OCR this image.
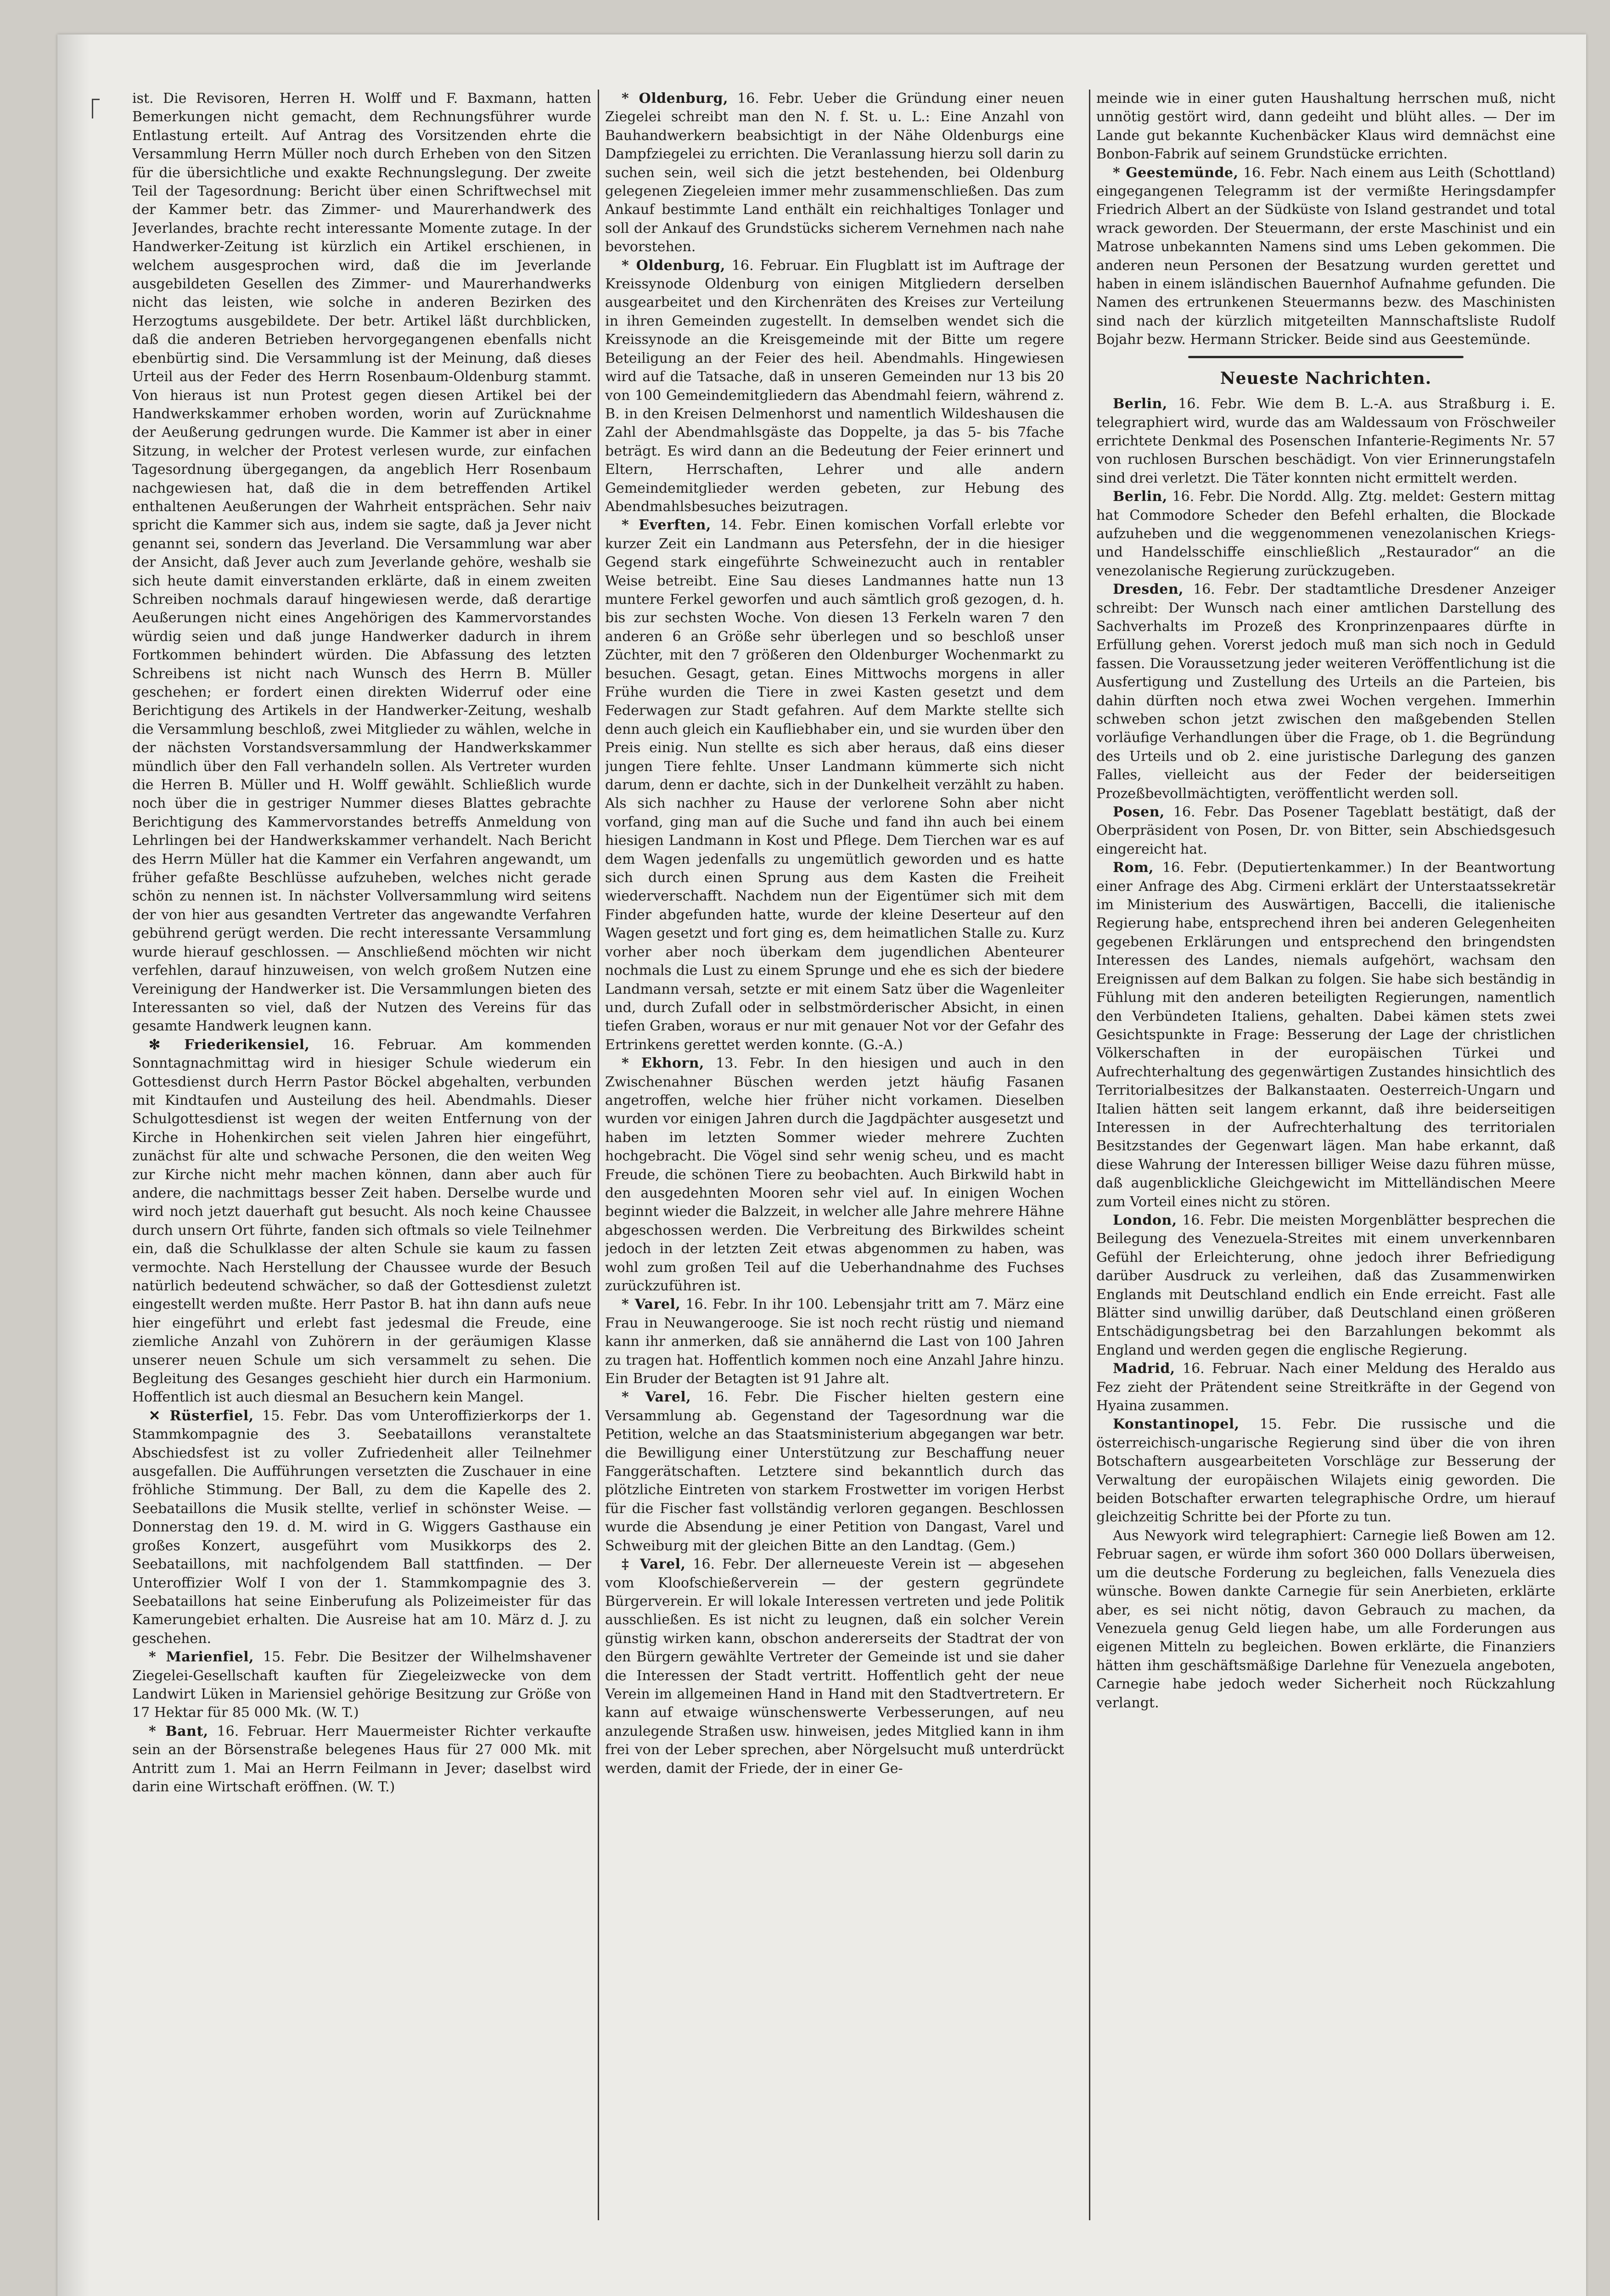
ist. Die Revisoren, Herren H. Wolff und F. Baxmann, hatten Bemerkungen nicht gemacht, dem Rechnungsführer wurde Entlastung erteilt. Auf Antrag des Vorsitzenden ehrte die Versammlung Herrn Müller noch durch Erheben von den Sitzen für die übersichtliche und exakte Rechnungslegung. Der zweite Teil der Tagesordnung: Bericht über einen Schriftwechsel mit der Kammer betr. das Zimmer- und Maurerhandwerk des Jeverlandes, brachte recht interessante Momente zutage. In der Handwerker-Zeitung ist kürzlich ein Artikel erschienen, in welchem ausgesprochen wird, daß die im Jeverlande ausgebildeten Gesellen des Zimmer- und Maurerhandwerks nicht das leisten, wie solche in anderen Bezirken des Herzogtums ausgebildete. Der betr. Artikel läßt durchblicken, daß die anderen Betrieben hervorgegangenen ebenfalls nicht ebenbürtig sind. Die Versammlung ist der Meinung, daß dieses Urteil aus der Feder des Herrn Rosenbaum-Oldenburg stammt. Von hieraus ist nun Protest gegen diesen Artikel bei der Handwerkskammer erhoben worden, worin auf Zurücknahme der Aeußerung gedrungen wurde. Die Kammer ist aber in einer Sitzung, in welcher der Protest verlesen wurde, zur einfachen Tagesordnung übergegangen, da angeblich Herr Rosenbaum nachgewiesen hat, daß die in dem betreffenden Artikel enthaltenen Aeußerungen der Wahrheit entsprächen. Sehr naiv spricht die Kammer sich aus, indem sie sagte, daß ja Jever nicht genannt sei, sondern das Jeverland. Die Versammlung war aber der Ansicht, daß Jever auch zum Jeverlande gehöre, weshalb sie sich heute damit einverstanden erklärte, daß in einem zweiten Schreiben nochmals darauf hingewiesen werde, daß derartige Aeußerungen nicht eines Angehörigen des Kammervorstandes würdig seien und daß junge Handwerker dadurch in ihrem Fortkommen behindert würden. Die Abfassung des letzten Schreibens ist nicht nach Wunsch des Herrn B. Müller geschehen; er fordert einen direkten Widerruf oder eine Berichtigung des Artikels in der Handwerker-Zeitung, weshalb die Versammlung beschloß, zwei Mitglieder zu wählen, welche in der nächsten Vorstandsversammlung der Handwerkskammer mündlich über den Fall verhandeln sollen. Als Vertreter wurden die Herren B. Müller und H. Wolff gewählt. Schließlich wurde noch über die in gestriger Nummer dieses Blattes gebrachte Berichtigung des Kammervorstandes betreffs Anmeldung von Lehrlingen bei der Handwerkskammer verhandelt. Nach Bericht des Herrn Müller hat die Kammer ein Verfahren angewandt, um früher gefaßte Beschlüsse aufzuheben, welches nicht gerade schön zu nennen ist. In nächster Vollversammlung wird seitens der von hier aus gesandten Vertreter das angewandte Verfahren gebührend gerügt werden. Die recht interessante Versammlung wurde hierauf geschlossen. — Anschließend möchten wir nicht verfehlen, darauf hinzuweisen, von welch großem Nutzen eine Vereinigung der Handwerker ist. Die Versammlungen bieten des Interessanten so viel, daß der Nutzen des Vereins für das gesamte Handwerk leugnen kann.

✻ Friederikensiel, 16. Februar. Am kommenden Sonntagnachmittag wird in hiesiger Schule wiederum ein Gottesdienst durch Herrn Pastor Böckel abgehalten, verbunden mit Kindtaufen und Austeilung des heil. Abendmahls. Dieser Schulgottesdienst ist wegen der weiten Entfernung von der Kirche in Hohenkirchen seit vielen Jahren hier eingeführt, zunächst für alte und schwache Personen, die den weiten Weg zur Kirche nicht mehr machen können, dann aber auch für andere, die nachmittags besser Zeit haben. Derselbe wurde und wird noch jetzt dauerhaft gut besucht. Als noch keine Chaussee durch unsern Ort führte, fanden sich oftmals so viele Teilnehmer ein, daß die Schulklasse der alten Schule sie kaum zu fassen vermochte. Nach Herstellung der Chaussee wurde der Besuch natürlich bedeutend schwächer, so daß der Gottesdienst zuletzt eingestellt werden mußte. Herr Pastor B. hat ihn dann aufs neue hier eingeführt und erlebt fast jedesmal die Freude, eine ziemliche Anzahl von Zuhörern in der geräumigen Klasse unserer neuen Schule um sich versammelt zu sehen. Die Begleitung des Gesanges geschieht hier durch ein Harmonium. Hoffentlich ist auch diesmal an Besuchern kein Mangel.

✕ Rüsterfiel, 15. Febr. Das vom Unteroffizierkorps der 1. Stammkompagnie des 3. Seebataillons veranstaltete Abschiedsfest ist zu voller Zufriedenheit aller Teilnehmer ausgefallen. Die Aufführungen versetzten die Zuschauer in eine fröhliche Stimmung. Der Ball, zu dem die Kapelle des 2. Seebataillons die Musik stellte, verlief in schönster Weise. — Donnerstag den 19. d. M. wird in G. Wiggers Gasthause ein großes Konzert, ausgeführt vom Musikkorps des 2. Seebataillons, mit nachfolgendem Ball stattfinden. — Der Unteroffizier Wolf I von der 1. Stammkompagnie des 3. Seebataillons hat seine Einberufung als Polizeimeister für das Kamerungebiet erhalten. Die Ausreise hat am 10. März d. J. zu geschehen.

* Marienfiel, 15. Febr. Die Besitzer der Wilhelmshavener Ziegelei-Gesellschaft kauften für Ziegeleizwecke von dem Landwirt Lüken in Mariensiel gehörige Besitzung zur Größe von 17 Hektar für 85 000 Mk. (W. T.)

* Bant, 16. Februar. Herr Mauermeister Richter verkaufte sein an der Börsenstraße belegenes Haus für 27 000 Mk. mit Antritt zum 1. Mai an Herrn Feilmann in Jever; daselbst wird darin eine Wirtschaft eröffnen. (W. T.)

* Oldenburg, 16. Febr. Ueber die Gründung einer neuen Ziegelei schreibt man den N. f. St. u. L.: Eine Anzahl von Bauhandwerkern beabsichtigt in der Nähe Oldenburgs eine Dampfziegelei zu errichten. Die Veranlassung hierzu soll darin zu suchen sein, weil sich die jetzt bestehenden, bei Oldenburg gelegenen Ziegeleien immer mehr zusammenschließen. Das zum Ankauf bestimmte Land enthält ein reichhaltiges Tonlager und soll der Ankauf des Grundstücks sicherem Vernehmen nach nahe bevorstehen.

* Oldenburg, 16. Februar. Ein Flugblatt ist im Auftrage der Kreissynode Oldenburg von einigen Mitgliedern derselben ausgearbeitet und den Kirchenräten des Kreises zur Verteilung in ihren Gemeinden zugestellt. In demselben wendet sich die Kreissynode an die Kreisgemeinde mit der Bitte um regere Beteiligung an der Feier des heil. Abendmahls. Hingewiesen wird auf die Tatsache, daß in unseren Gemeinden nur 13 bis 20 von 100 Gemeindemitgliedern das Abendmahl feiern, während z. B. in den Kreisen Delmenhorst und namentlich Wildeshausen die Zahl der Abendmahlsgäste das Doppelte, ja das 5- bis 7fache beträgt. Es wird dann an die Bedeutung der Feier erinnert und Eltern, Herrschaften, Lehrer und alle andern Gemeindemitglieder werden gebeten, zur Hebung des Abendmahlsbesuches beizutragen.

* Everften, 14. Febr. Einen komischen Vorfall erlebte vor kurzer Zeit ein Landmann aus Petersfehn, der in die hiesiger Gegend stark eingeführte Schweinezucht auch in rentabler Weise betreibt. Eine Sau dieses Landmannes hatte nun 13 muntere Ferkel geworfen und auch sämtlich groß gezogen, d. h. bis zur sechsten Woche. Von diesen 13 Ferkeln waren 7 den anderen 6 an Größe sehr überlegen und so beschloß unser Züchter, mit den 7 größeren den Oldenburger Wochenmarkt zu besuchen. Gesagt, getan. Eines Mittwochs morgens in aller Frühe wurden die Tiere in zwei Kasten gesetzt und dem Federwagen zur Stadt gefahren. Auf dem Markte stellte sich denn auch gleich ein Kaufliebhaber ein, und sie wurden über den Preis einig. Nun stellte es sich aber heraus, daß eins dieser jungen Tiere fehlte. Unser Landmann kümmerte sich nicht darum, denn er dachte, sich in der Dunkelheit verzählt zu haben. Als sich nachher zu Hause der verlorene Sohn aber nicht vorfand, ging man auf die Suche und fand ihn auch bei einem hiesigen Landmann in Kost und Pflege. Dem Tierchen war es auf dem Wagen jedenfalls zu ungemütlich geworden und es hatte sich durch einen Sprung aus dem Kasten die Freiheit wiederverschafft. Nachdem nun der Eigentümer sich mit dem Finder abgefunden hatte, wurde der kleine Deserteur auf den Wagen gesetzt und fort ging es, dem heimatlichen Stalle zu. Kurz vorher aber noch überkam dem jugendlichen Abenteurer nochmals die Lust zu einem Sprunge und ehe es sich der biedere Landmann versah, setzte er mit einem Satz über die Wagenleiter und, durch Zufall oder in selbstmörderischer Absicht, in einen tiefen Graben, woraus er nur mit genauer Not vor der Gefahr des Ertrinkens gerettet werden konnte. (G.-A.)

* Ekhorn, 13. Febr. In den hiesigen und auch in den Zwischenahner Büschen werden jetzt häufig Fasanen angetroffen, welche hier früher nicht vorkamen. Dieselben wurden vor einigen Jahren durch die Jagdpächter ausgesetzt und haben im letzten Sommer wieder mehrere Zuchten hochgebracht. Die Vögel sind sehr wenig scheu, und es macht Freude, die schönen Tiere zu beobachten. Auch Birkwild habt in den ausgedehnten Mooren sehr viel auf. In einigen Wochen beginnt wieder die Balzzeit, in welcher alle Jahre mehrere Hähne abgeschossen werden. Die Verbreitung des Birkwildes scheint jedoch in der letzten Zeit etwas abgenommen zu haben, was wohl zum großen Teil auf die Ueberhandnahme des Fuchses zurückzuführen ist.

* Varel, 16. Febr. In ihr 100. Lebensjahr tritt am 7. März eine Frau in Neuwangerooge. Sie ist noch recht rüstig und niemand kann ihr anmerken, daß sie annähernd die Last von 100 Jahren zu tragen hat. Hoffentlich kommen noch eine Anzahl Jahre hinzu. Ein Bruder der Betagten ist 91 Jahre alt.

* Varel, 16. Febr. Die Fischer hielten gestern eine Versammlung ab. Gegenstand der Tagesordnung war die Petition, welche an das Staatsministerium abgegangen war betr. die Bewilligung einer Unterstützung zur Beschaffung neuer Fanggerätschaften. Letztere sind bekanntlich durch das plötzliche Eintreten von starkem Frostwetter im vorigen Herbst für die Fischer fast vollständig verloren gegangen. Beschlossen wurde die Absendung je einer Petition von Dangast, Varel und Schweiburg mit der gleichen Bitte an den Landtag. (Gem.)

‡ Varel, 16. Febr. Der allerneueste Verein ist — abgesehen vom Kloofschießerverein — der gestern gegründete Bürgerverein. Er will lokale Interessen vertreten und jede Politik ausschließen. Es ist nicht zu leugnen, daß ein solcher Verein günstig wirken kann, obschon andererseits der Stadtrat der von den Bürgern gewählte Vertreter der Gemeinde ist und sie daher die Interessen der Stadt vertritt. Hoffentlich geht der neue Verein im allgemeinen Hand in Hand mit den Stadtvertretern. Er kann auf etwaige wünschenswerte Verbesserungen, auf neu anzulegende Straßen usw. hinweisen, jedes Mitglied kann in ihm frei von der Leber sprechen, aber Nörgelsucht muß unterdrückt werden, damit der Friede, der in einer Ge-

meinde wie in einer guten Haushaltung herrschen muß, nicht unnötig gestört wird, dann gedeiht und blüht alles. — Der im Lande gut bekannte Kuchenbäcker Klaus wird demnächst eine Bonbon-Fabrik auf seinem Grundstücke errichten.

* Geestemünde, 16. Febr. Nach einem aus Leith (Schottland) eingegangenen Telegramm ist der vermißte Heringsdampfer Friedrich Albert an der Südküste von Island gestrandet und total wrack geworden. Der Steuermann, der erste Maschinist und ein Matrose unbekannten Namens sind ums Leben gekommen. Die anderen neun Personen der Besatzung wurden gerettet und haben in einem isländischen Bauernhof Aufnahme gefunden. Die Namen des ertrunkenen Steuermanns bezw. des Maschinisten sind nach der kürzlich mitgeteilten Mannschaftsliste Rudolf Bojahr bezw. Hermann Stricker. Beide sind aus Geestemünde.

Neueste Nachrichten.

Berlin, 16. Febr. Wie dem B. L.-A. aus Straßburg i. E. telegraphiert wird, wurde das am Waldessaum von Fröschweiler errichtete Denkmal des Posenschen Infanterie-Regiments Nr. 57 von ruchlosen Burschen beschädigt. Von vier Erinnerungstafeln sind drei verletzt. Die Täter konnten nicht ermittelt werden.

Berlin, 16. Febr. Die Nordd. Allg. Ztg. meldet: Gestern mittag hat Commodore Scheder den Befehl erhalten, die Blockade aufzuheben und die weggenommenen venezolanischen Kriegs- und Handelsschiffe einschließlich „Restaurador“ an die venezolanische Regierung zurückzugeben.

Dresden, 16. Febr. Der stadtamtliche Dresdener Anzeiger schreibt: Der Wunsch nach einer amtlichen Darstellung des Sachverhalts im Prozeß des Kronprinzenpaares dürfte in Erfüllung gehen. Vorerst jedoch muß man sich noch in Geduld fassen. Die Voraussetzung jeder weiteren Veröffentlichung ist die Ausfertigung und Zustellung des Urteils an die Parteien, bis dahin dürften noch etwa zwei Wochen vergehen. Immerhin schweben schon jetzt zwischen den maßgebenden Stellen vorläufige Verhandlungen über die Frage, ob 1. die Begründung des Urteils und ob 2. eine juristische Darlegung des ganzen Falles, vielleicht aus der Feder der beiderseitigen Prozeßbevollmächtigten, veröffentlicht werden soll.

Posen, 16. Febr. Das Posener Tageblatt bestätigt, daß der Oberpräsident von Posen, Dr. von Bitter, sein Abschiedsgesuch eingereicht hat.

Rom, 16. Febr. (Deputiertenkammer.) In der Beantwortung einer Anfrage des Abg. Cirmeni erklärt der Unterstaatssekretär im Ministerium des Auswärtigen, Baccelli, die italienische Regierung habe, entsprechend ihren bei anderen Gelegenheiten gegebenen Erklärungen und entsprechend den bringendsten Interessen des Landes, niemals aufgehört, wachsam den Ereignissen auf dem Balkan zu folgen. Sie habe sich beständig in Fühlung mit den anderen beteiligten Regierungen, namentlich den Verbündeten Italiens, gehalten. Dabei kämen stets zwei Gesichtspunkte in Frage: Besserung der Lage der christlichen Völkerschaften in der europäischen Türkei und Aufrechterhaltung des gegenwärtigen Zustandes hinsichtlich des Territorialbesitzes der Balkanstaaten. Oesterreich-Ungarn und Italien hätten seit langem erkannt, daß ihre beiderseitigen Interessen in der Aufrechterhaltung des territorialen Besitzstandes der Gegenwart lägen. Man habe erkannt, daß diese Wahrung der Interessen billiger Weise dazu führen müsse, daß augenblickliche Gleichgewicht im Mittelländischen Meere zum Vorteil eines nicht zu stören.

London, 16. Febr. Die meisten Morgenblätter besprechen die Beilegung des Venezuela-Streites mit einem unverkennbaren Gefühl der Erleichterung, ohne jedoch ihrer Befriedigung darüber Ausdruck zu verleihen, daß das Zusammenwirken Englands mit Deutschland endlich ein Ende erreicht. Fast alle Blätter sind unwillig darüber, daß Deutschland einen größeren Entschädigungsbetrag bei den Barzahlungen bekommt als England und werden gegen die englische Regierung.

Madrid, 16. Februar. Nach einer Meldung des Heraldo aus Fez zieht der Prätendent seine Streitkräfte in der Gegend von Hyaina zusammen.

Konstantinopel, 15. Febr. Die russische und die österreichisch-ungarische Regierung sind über die von ihren Botschaftern ausgearbeiteten Vorschläge zur Besserung der Verwaltung der europäischen Wilajets einig geworden. Die beiden Botschafter erwarten telegraphische Ordre, um hierauf gleichzeitig Schritte bei der Pforte zu tun.

Aus Newyork wird telegraphiert: Carnegie ließ Bowen am 12. Februar sagen, er würde ihm sofort 360 000 Dollars überweisen, um die deutsche Forderung zu begleichen, falls Venezuela dies wünsche. Bowen dankte Carnegie für sein Anerbieten, erklärte aber, es sei nicht nötig, davon Gebrauch zu machen, da Venezuela genug Geld liegen habe, um alle Forderungen aus eigenen Mitteln zu begleichen. Bowen erklärte, die Finanziers hätten ihm geschäftsmäßige Darlehne für Venezuela angeboten, Carnegie habe jedoch weder Sicherheit noch Rückzahlung verlangt.
